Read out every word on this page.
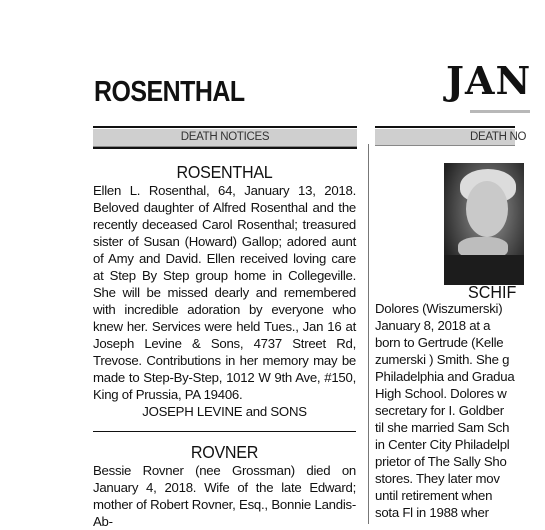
ROSENTHAL	JAN
DEATH NOTICES	DEATH NO
ROSENTHAL
Ellen L. Rosenthal, 64, January 13, 2018. Beloved daughter of Alfred Rosenthal and the recently deceased Carol Rosenthal; treasured sister of Susan (Howard) Gallop; adored aunt of Amy and David. Ellen received loving care at Step By Step group home in Collegeville. She will be missed dearly and remembered with incredible adoration by everyone who knew her. Services were held Tues., Jan 16 at Joseph Levine & Sons, 4737 Street Rd, Trevose. Contributions in her memory may be made to Step-By-Step, 1012 W 9th Ave, #150, King of Prussia, PA 19406.
JOSEPH LEVINE and SONS
ROVNER
Bessie Rovner (nee Grossman) died on January 4, 2018. Wife of the late Edward; mother of Robert Rovner, Esq., Bonnie Landis-Ab-
SCHIF
Dolores (Wiszumerski)
January 8, 2018 at a
born to Gertrude (Kelle
zumerski ) Smith. She g
Philadelphia and Gradua
High School. Dolores w
secretary for I. Goldber
til she married Sam Sch
in Center City Philadelpl
prietor of The Sally Sho
stores. They later mov
until retirement when
sota Fl in 1988 wher
